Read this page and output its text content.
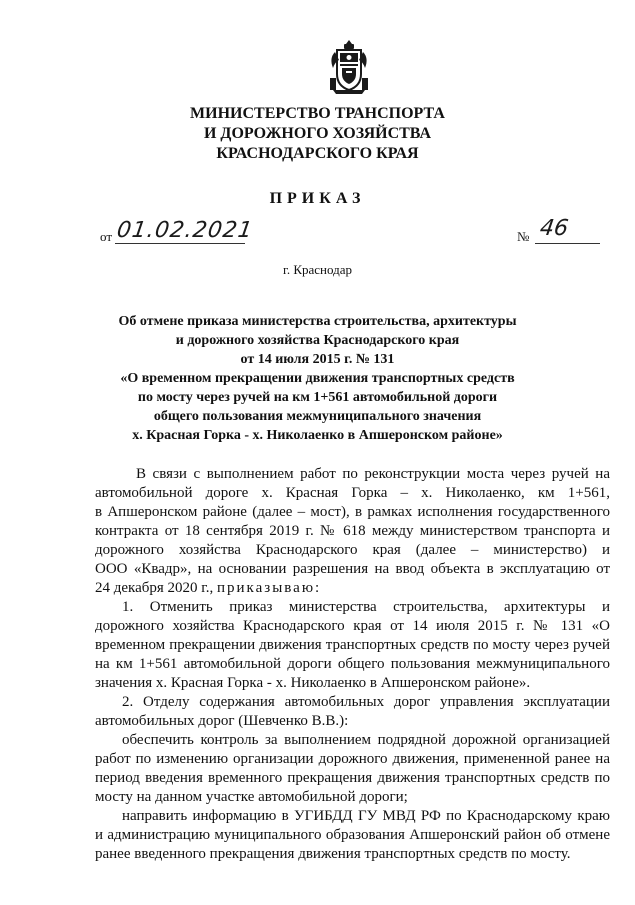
МИНИСТЕРСТВО ТРАНСПОРТА
И ДОРОЖНОГО ХОЗЯЙСТВА
КРАСНОДАРСКОГО КРАЯ
ПРИКАЗ
от 01.02.2021	№ 46
г. Краснодар
Об отмене приказа министерства строительства, архитектуры
и дорожного хозяйства Краснодарского края
от 14 июля 2015 г. № 131
«О временном прекращении движения транспортных средств
по мосту через ручей на км 1+561 автомобильной дороги
общего пользования межмуниципального значения
х. Красная Горка - х. Николаенко в Апшеронском районе»
В связи с выполнением работ по реконструкции моста через ручей на
автомобильной дороге х. Красная Горка – х. Николаенко, км 1+561,
в Апшеронском районе (далее – мост), в рамках исполнения государственного
контракта от 18 сентября 2019 г. № 618 между министерством транспорта и
дорожного хозяйства Краснодарского края (далее – министерство) и
ООО «Квадр», на основании разрешения на ввод объекта в эксплуатацию от
24 декабря 2020 г., приказываю:
1. Отменить приказ министерства строительства, архитектуры и
дорожного хозяйства Краснодарского края от 14 июля 2015 г. № 131 «О
временном прекращении движения транспортных средств по мосту через ручей
на км 1+561 автомобильной дороги общего пользования межмуниципального
значения х. Красная Горка - х. Николаенко в Апшеронском районе».
2. Отделу содержания автомобильных дорог управления эксплуатации
автомобильных дорог (Шевченко В.В.):
обеспечить контроль за выполнением подрядной дорожной организацией
работ по изменению организации дорожного движения, примененной ранее на
период введения временного прекращения движения транспортных средств по
мосту на данном участке автомобильной дороги;
направить информацию в УГИБДД ГУ МВД РФ по Краснодарскому краю
и администрацию муниципального образования Апшеронский район об отмене
ранее введенного прекращения движения транспортных средств по мосту.
